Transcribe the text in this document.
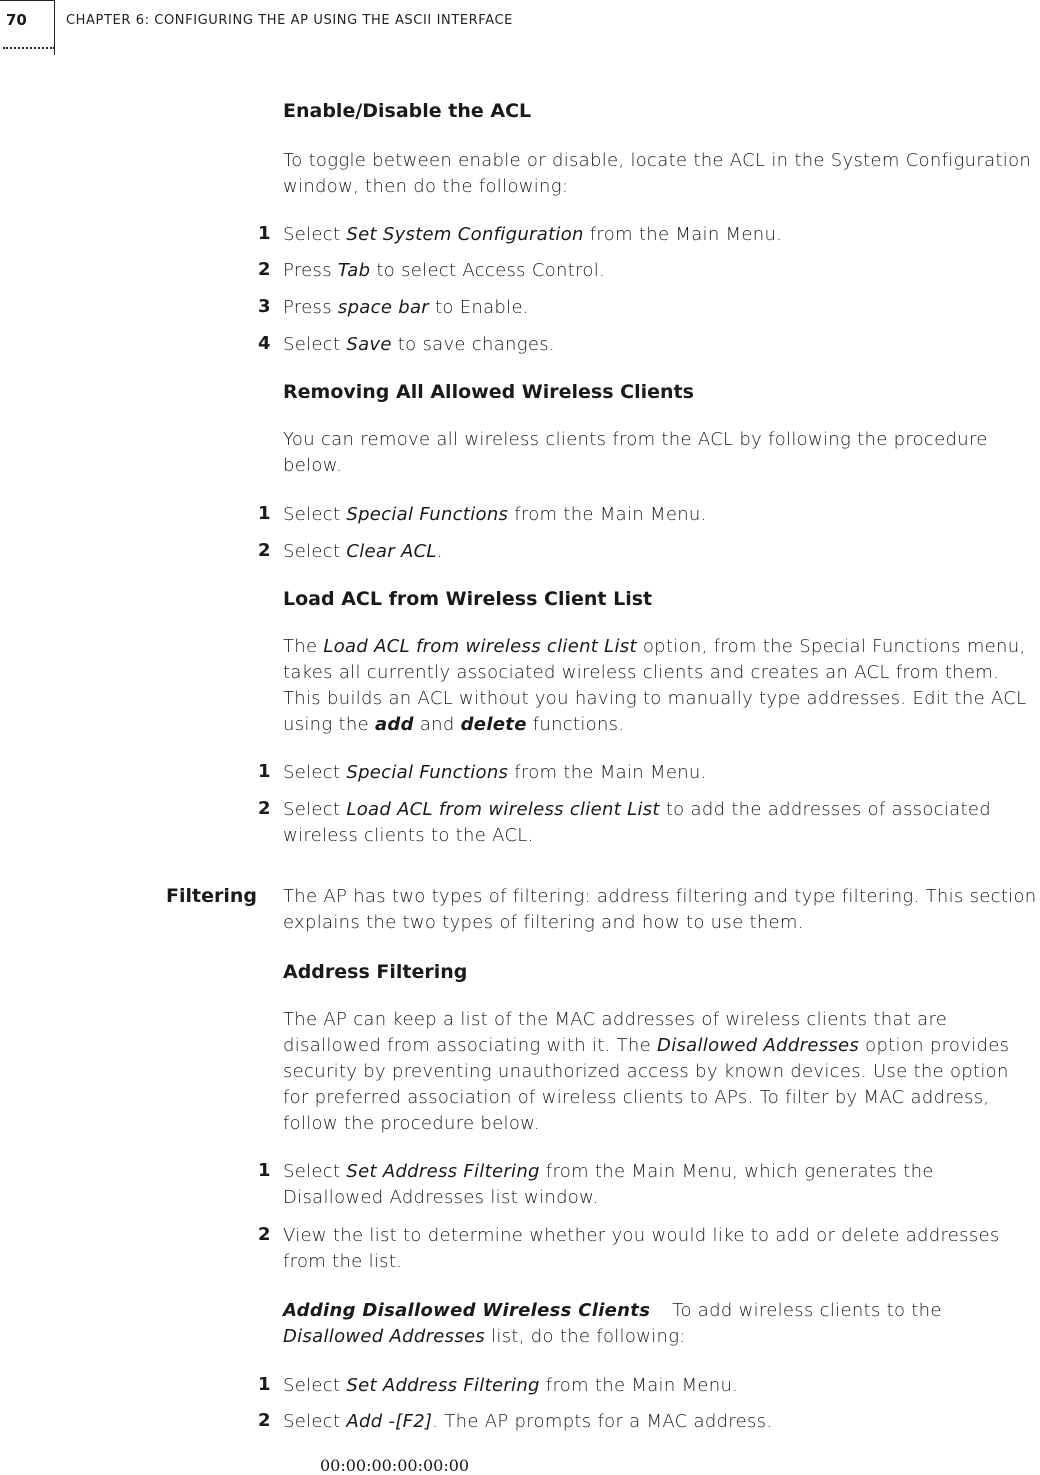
70	CHAPTER 6: CONFIGURING THE AP USING THE ASCII INTERFACE
Enable/Disable the ACL
To toggle between enable or disable, locate the ACL in the System Configuration window, then do the following:
1 Select Set System Configuration from the Main Menu.
2 Press Tab to select Access Control.
3 Press space bar to Enable.
4 Select Save to save changes.
Removing All Allowed Wireless Clients
You can remove all wireless clients from the ACL by following the procedure below.
1 Select Special Functions from the Main Menu.
2 Select Clear ACL.
Load ACL from Wireless Client List
The Load ACL from wireless client List option, from the Special Functions menu, takes all currently associated wireless clients and creates an ACL from them. This builds an ACL without you having to manually type addresses. Edit the ACL using the add and delete functions.
1 Select Special Functions from the Main Menu.
2 Select Load ACL from wireless client List to add the addresses of associated wireless clients to the ACL.
Filtering The AP has two types of filtering: address filtering and type filtering. This section explains the two types of filtering and how to use them.
Address Filtering
The AP can keep a list of the MAC addresses of wireless clients that are disallowed from associating with it. The Disallowed Addresses option provides security by preventing unauthorized access by known devices. Use the option for preferred association of wireless clients to APs. To filter by MAC address, follow the procedure below.
1 Select Set Address Filtering from the Main Menu, which generates the Disallowed Addresses list window.
2 View the list to determine whether you would like to add or delete addresses from the list.
Adding Disallowed Wireless Clients To add wireless clients to the Disallowed Addresses list, do the following:
1 Select Set Address Filtering from the Main Menu.
2 Select Add -[F2]. The AP prompts for a MAC address.
00:00:00:00:00:00
